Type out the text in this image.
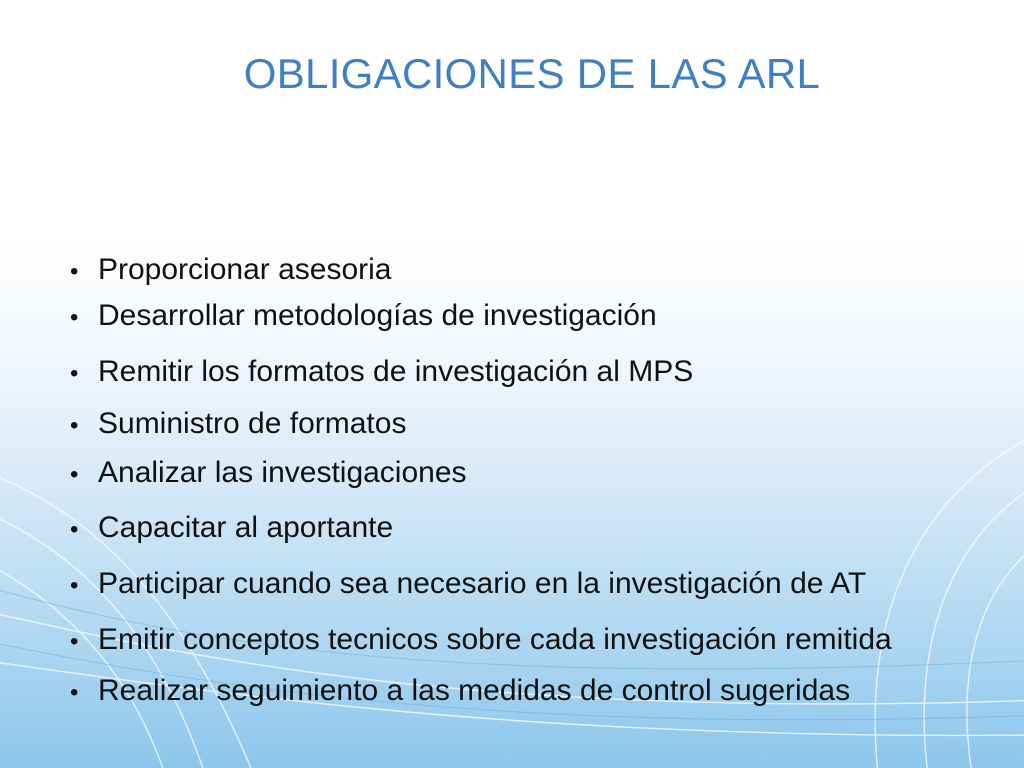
OBLIGACIONES DE LAS ARL
• Proporcionar asesoria
• Desarrollar metodologías de investigación
• Remitir los formatos de investigación al MPS
• Suministro de formatos
• Analizar las investigaciones
• Capacitar al aportante
• Participar cuando sea necesario en la investigación de AT
• Emitir conceptos tecnicos sobre cada investigación remitida
• Realizar seguimiento a las medidas de control sugeridas
